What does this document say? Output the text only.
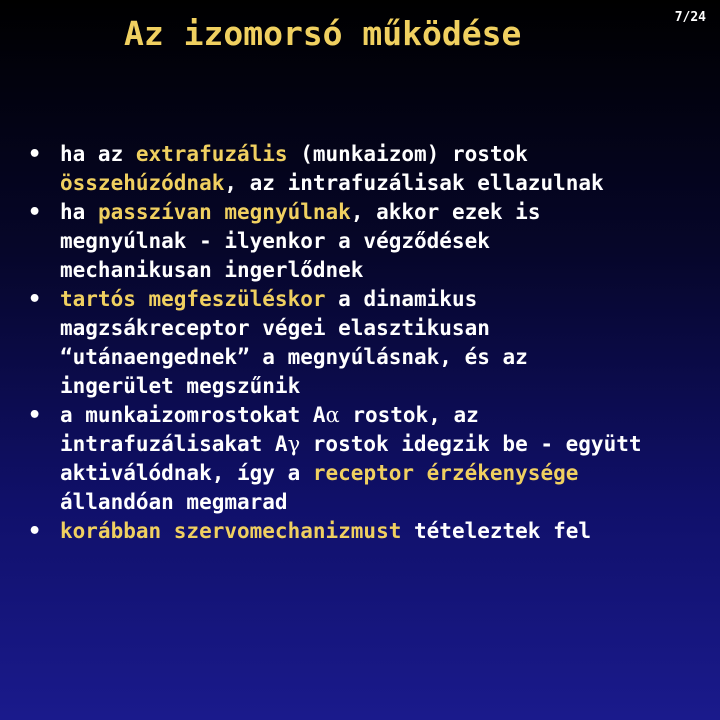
Az izomorsó működése	7/24
• ha az extrafuzális (munkaizom) rostok
összehúzódnak, az intrafuzálisak ellazulnak
• ha passzívan megnyúlnak, akkor ezek is
megnyúlnak - ilyenkor a végződések
mechanikusan ingerlődnek
• tartós megfeszüléskor a dinamikus
magzsákreceptor végei elasztikusan
“utánaengednek” a megnyúlásnak, és az
ingerület megszűnik
• a munkaizomrostokat Aα rostok, az
intrafuzálisakat Aγ rostok idegzik be - együtt
aktiválódnak, így a receptor érzékenysége
állandóan megmarad
• korábban szervomechanizmust tételeztek fel
